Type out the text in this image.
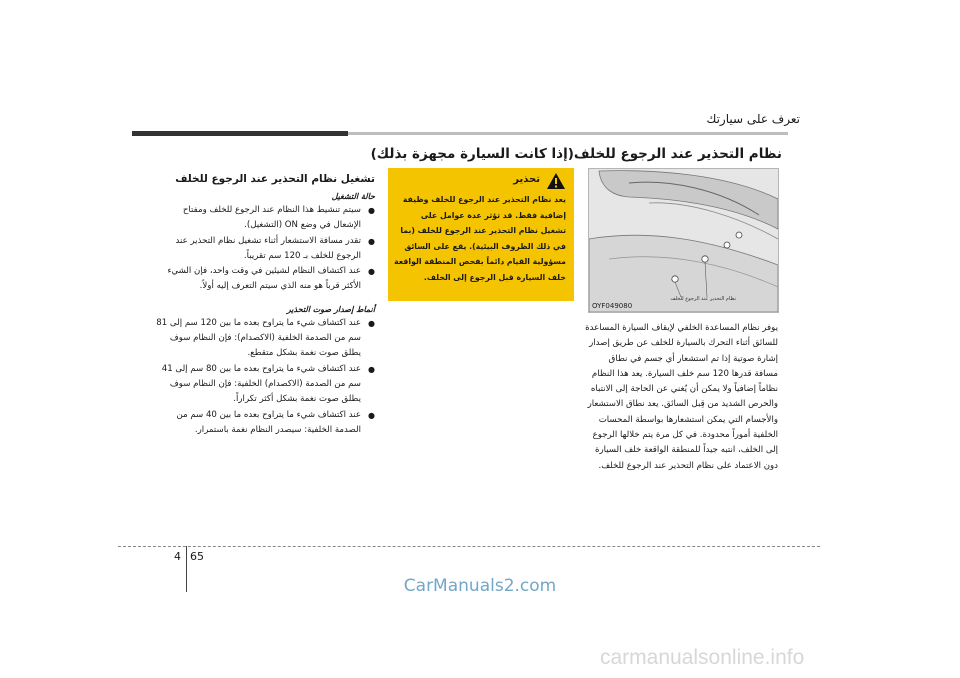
تعرف على سيارتك
نظام التحذير عند الرجوع للخلف(إذا كانت السيارة مجهزة بذلك)
OYF049080
نظام التحذير عند الرجوع للخلف
تحذير
يعد نظام التحذير عند الرجوع للخلف وظيفة إضافية فقط. قد تؤثر عدة عوامل على تشغيل نظام التحذير عند الرجوع للخلف (بما في ذلك الظروف البيئية). يقع على السائق مسؤولية القيام دائماً بفحص المنطقة الواقعة خلف السيارة قبل الرجوع إلى الخلف.
يوفر نظام المساعدة الخلفي لإيقاف السيارة المساعدة للسائق أثناء التحرك بالسيارة للخلف عن طريق إصدار إشارة صوتية إذا تم استشعار أي جسم في نطاق مسافة قدرها 120 سم خلف السيارة. يعد هذا النظام نظاماً إضافياً ولا يمكن أن يُغني عن الحاجة إلى الانتباه والحرص الشديد من قِبل السائق. يعد نطاق الاستشعار والأجسام التي يمكن استشعارها بواسطة المحسات الخلفية أموراً محدودة. في كل مرة يتم خلالها الرجوع إلى الخلف، انتبه جيداً للمنطقة الواقعة خلف السيارة دون الاعتماد على نظام التحذير عند الرجوع للخلف.
تشغيل نظام التحذير عند الرجوع للخلف
حالة التشغيل
●
سيتم تنشيط هذا النظام عند الرجوع للخلف ومفتاح الإشعال في وضع ON (التشغيل).
●
تقدر مسافة الاستشعار أثناء تشغيل نظام التحذير عند الرجوع للخلف بـ 120 سم تقريباً.
●
عند اكتشاف النظام لشيئين في وقت واحد، فإن الشيء الأكثر قرباً هو منه الذي سيتم التعرف إليه أولاً.
أنماط إصدار صوت التحذير
●
عند اكتشاف شيء ما يتراوح بعده ما بين 120 سم إلى 81 سم من الصدمة الخلفية (الاكصدام): فإن النظام سوف يطلق صوت نغمة بشكل متقطع.
●
عند اكتشاف شيء ما يتراوح بعده ما بين 80 سم إلى 41 سم من الصدمة (الاكصدام) الخلفية: فإن النظام سوف يطلق صوت نغمة بشكل أكثر تكراراً.
●
عند اكتشاف شيء ما يتراوح بعده ما بين 40 سم من الصدمة الخلفية: سيصدر النظام نغمة باستمرار.
4 65
CarManuals2.com
carmanualsonline.info
